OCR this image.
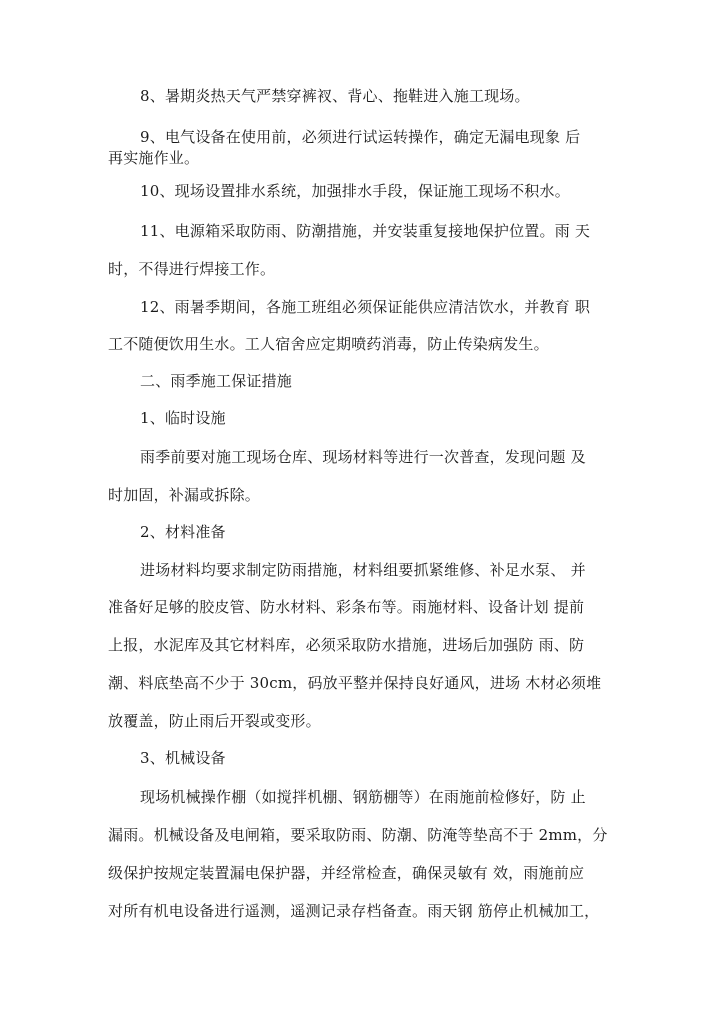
8、暑期炎热天气严禁穿裤衩、背心、拖鞋进入施工现场。
9、电气设备在使用前，必须进行试运转操作，确定无漏电现象 后
再实施作业。
10、现场设置排水系统，加强排水手段，保证施工现场不积水。
11、电源箱采取防雨、防潮措施，并安装重复接地保护位置。雨 天
时，不得进行焊接工作。
12、雨暑季期间，各施工班组必须保证能供应清洁饮水，并教育 职
工不随便饮用生水。工人宿舍应定期喷药消毒，防止传染病发生。
二、雨季施工保证措施
1、临时设施
雨季前要对施工现场仓库、现场材料等进行一次普查，发现问题 及
时加固，补漏或拆除。
2、材料准备
进场材料均要求制定防雨措施，材料组要抓紧维修、补足水泵、 并
准备好足够的胶皮管、防水材料、彩条布等。雨施材料、设备计划 提前
上报，水泥库及其它材料库，必须采取防水措施，进场后加强防 雨、防
潮、料底垫高不少于 30cm，码放平整并保持良好通风，进场 木材必须堆
放覆盖，防止雨后开裂或变形。
3、机械设备
现场机械操作棚（如搅拌机棚、钢筋棚等）在雨施前检修好，防 止
漏雨。机械设备及电闸箱，要采取防雨、防潮、防淹等垫高不于 2mm，分
级保护按规定装置漏电保护器，并经常检查，确保灵敏有 效，雨施前应
对所有机电设备进行遥测，遥测记录存档备查。雨天钢 筋停止机械加工，
